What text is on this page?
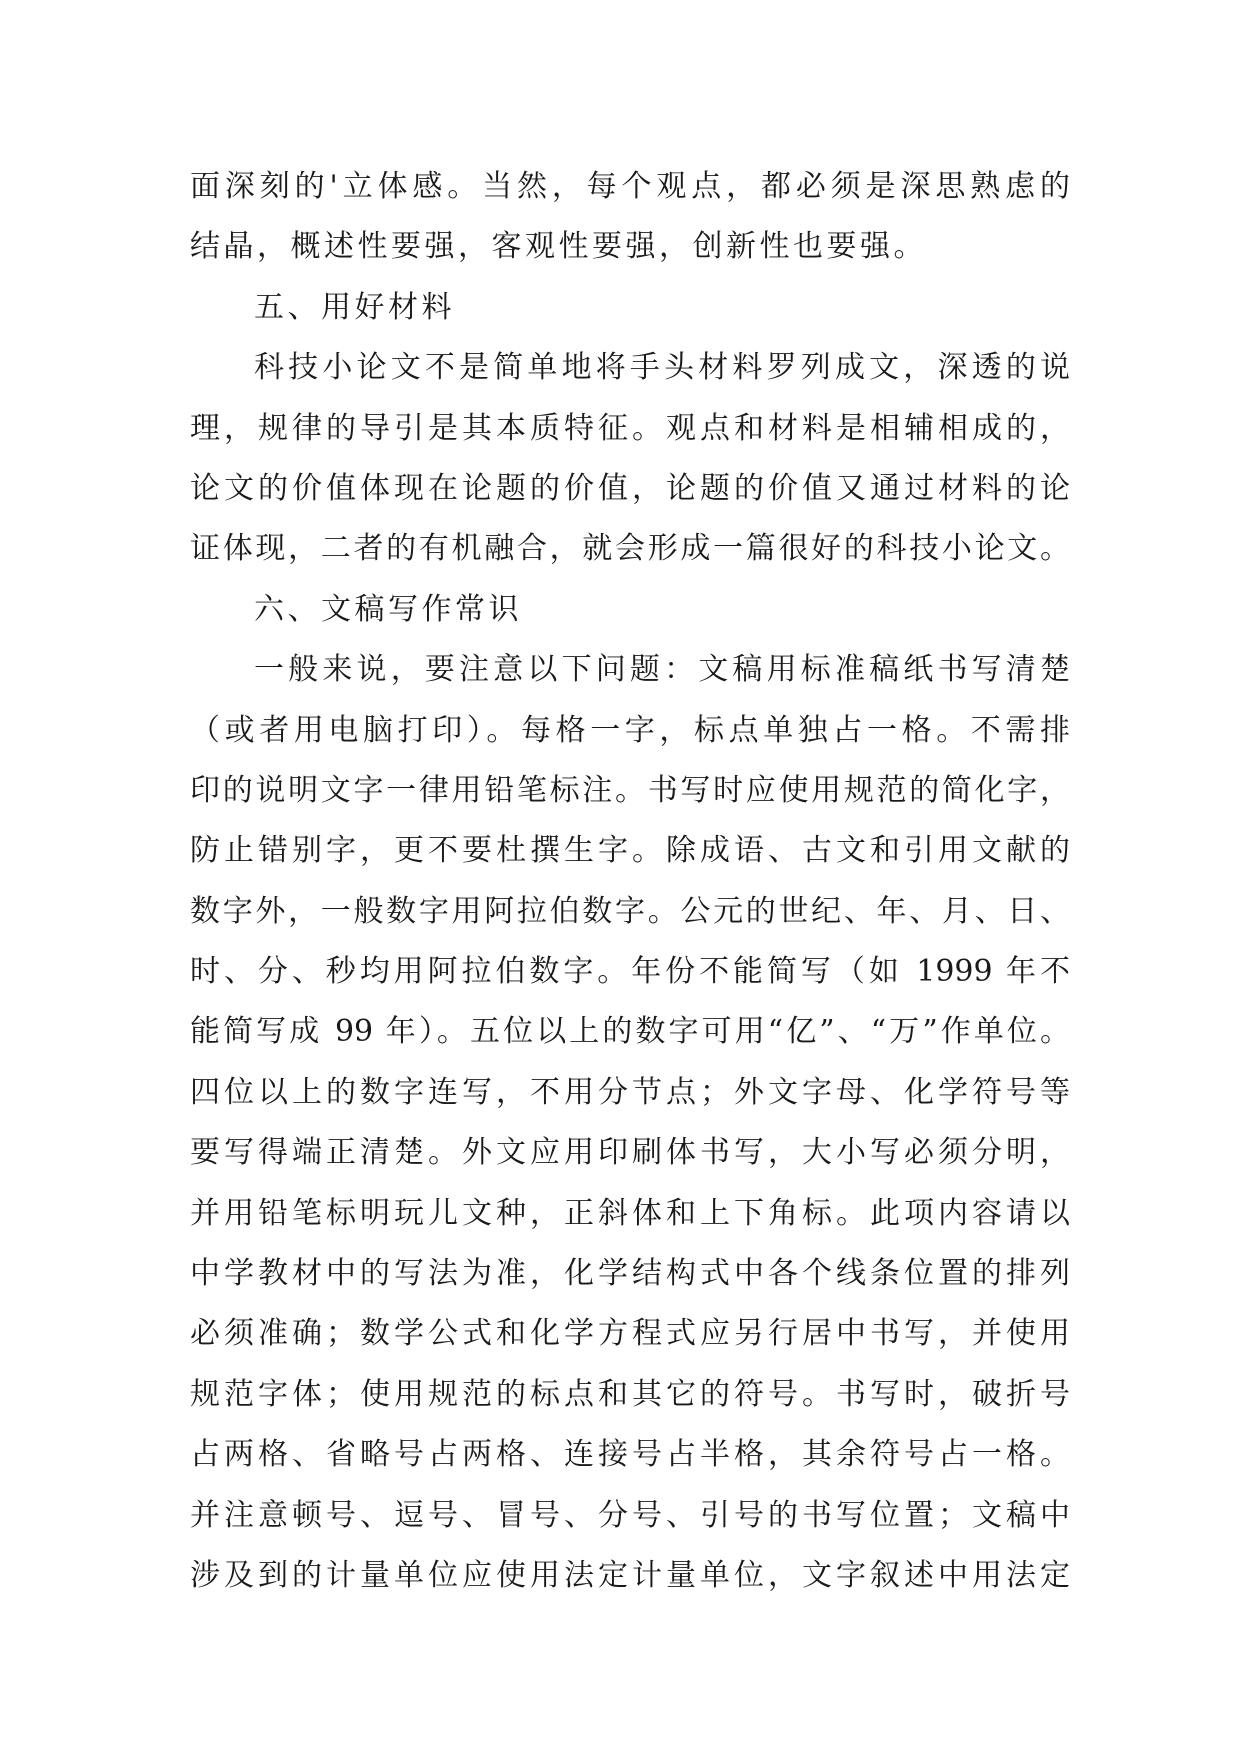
面深刻的'立体感。当然，每个观点，都必须是深思熟虑的
结晶，概述性要强，客观性要强，创新性也要强。
五、用好材料
科技小论文不是简单地将手头材料罗列成文，深透的说
理，规律的导引是其本质特征。观点和材料是相辅相成的，
论文的价值体现在论题的价值，论题的价值又通过材料的论
证体现，二者的有机融合，就会形成一篇很好的科技小论文。
六、文稿写作常识
一般来说，要注意以下问题：文稿用标准稿纸书写清楚
（或者用电脑打印）。每格一字，标点单独占一格。不需排
印的说明文字一律用铅笔标注。书写时应使用规范的简化字，
防止错别字，更不要杜撰生字。除成语、古文和引用文献的
数字外，一般数字用阿拉伯数字。公元的世纪、年、月、日、
时、分、秒均用阿拉伯数字。年份不能简写（如 1999 年不
能简写成 99 年）。五位以上的数字可用“亿”、“万”作单位。
四位以上的数字连写，不用分节点；外文字母、化学符号等
要写得端正清楚。外文应用印刷体书写，大小写必须分明，
并用铅笔标明玩儿文种，正斜体和上下角标。此项内容请以
中学教材中的写法为准，化学结构式中各个线条位置的排列
必须准确；数学公式和化学方程式应另行居中书写，并使用
规范字体；使用规范的标点和其它的符号。书写时，破折号
占两格、省略号占两格、连接号占半格，其余符号占一格。
并注意顿号、逗号、冒号、分号、引号的书写位置；文稿中
涉及到的计量单位应使用法定计量单位，文字叙述中用法定
